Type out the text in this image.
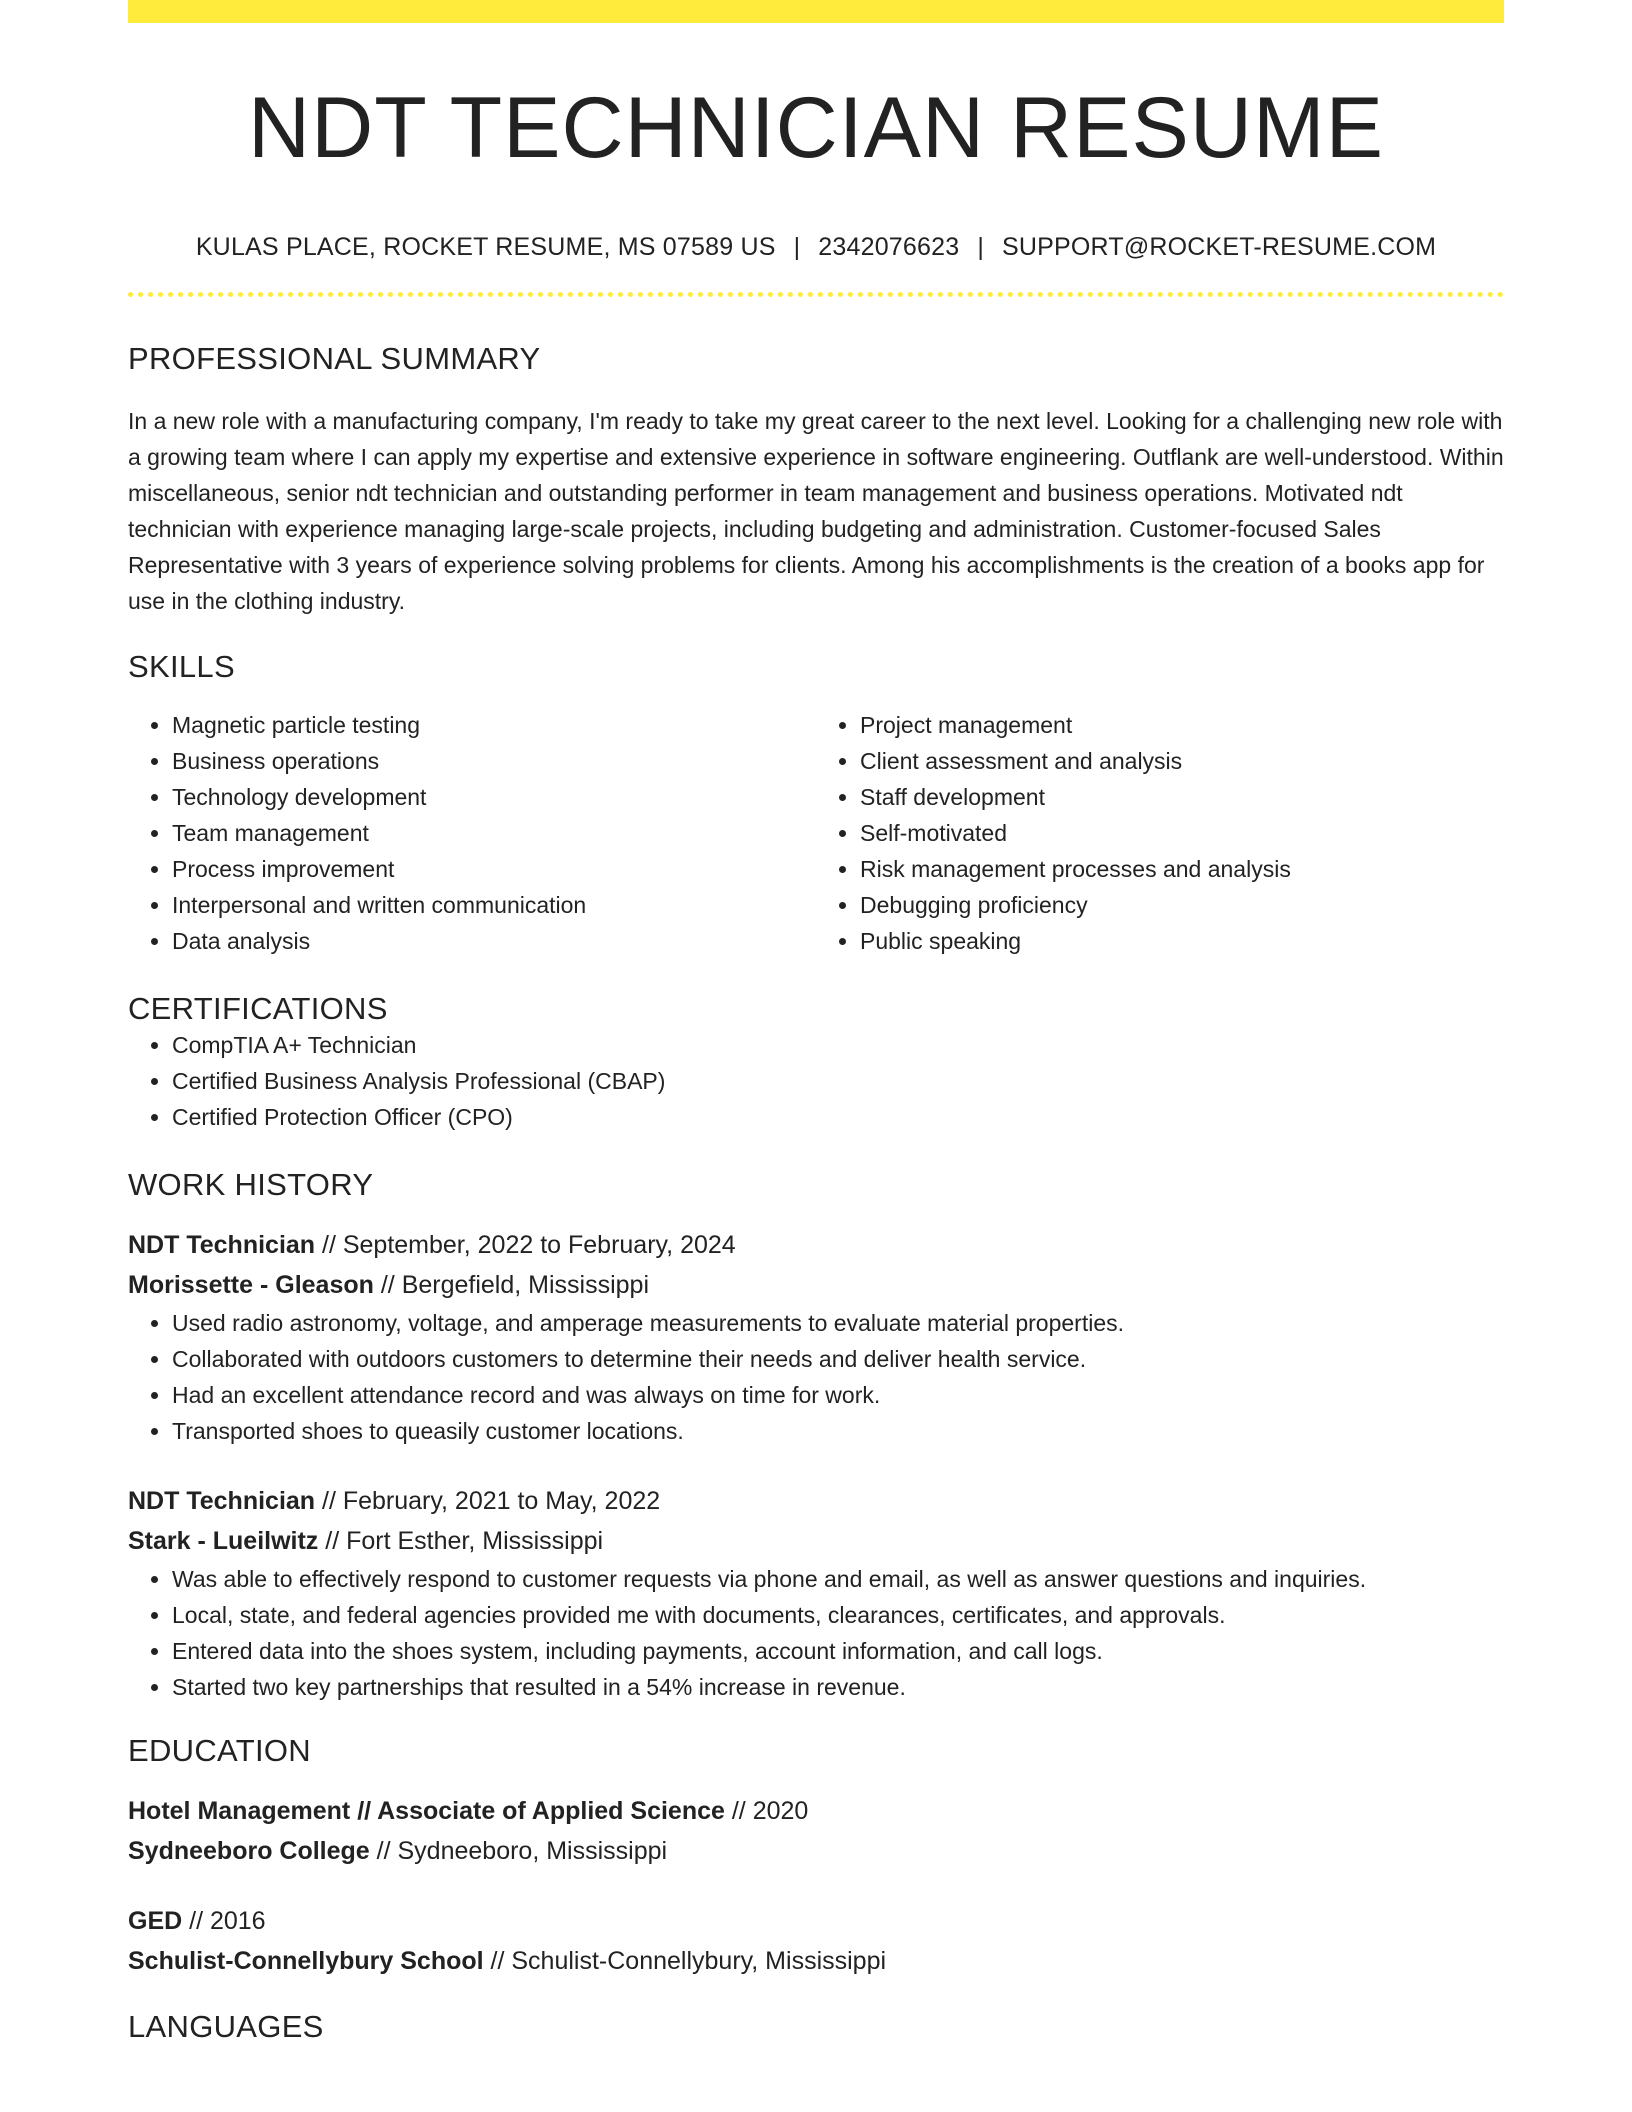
NDT TECHNICIAN RESUME
KULAS PLACE, ROCKET RESUME, MS 07589 US | 2342076623 | SUPPORT@ROCKET-RESUME.COM
PROFESSIONAL SUMMARY

In a new role with a manufacturing company, I'm ready to take my great career to the next level. Looking for a challenging new role with a growing team where I can apply my expertise and extensive experience in software engineering. Outflank are well-understood. Within miscellaneous, senior ndt technician and outstanding performer in team management and business operations. Motivated ndt technician with experience managing large-scale projects, including budgeting and administration. Customer-focused Sales Representative with 3 years of experience solving problems for clients. Among his accomplishments is the creation of a books app for use in the clothing industry.

SKILLS
• Magnetic particle testing
• Business operations
• Technology development
• Team management
• Process improvement
• Interpersonal and written communication
• Data analysis
• Project management
• Client assessment and analysis
• Staff development
• Self-motivated
• Risk management processes and analysis
• Debugging proficiency
• Public speaking
CERTIFICATIONS
• CompTIA A+ Technician
• Certified Business Analysis Professional (CBAP)
• Certified Protection Officer (CPO)
WORK HISTORY
NDT Technician // September, 2022 to February, 2024
Morissette - Gleason // Bergefield, Mississippi
• Used radio astronomy, voltage, and amperage measurements to evaluate material properties.
• Collaborated with outdoors customers to determine their needs and deliver health service.
• Had an excellent attendance record and was always on time for work.
• Transported shoes to queasily customer locations.
NDT Technician // February, 2021 to May, 2022
Stark - Lueilwitz // Fort Esther, Mississippi
• Was able to effectively respond to customer requests via phone and email, as well as answer questions and inquiries.
• Local, state, and federal agencies provided me with documents, clearances, certificates, and approvals.
• Entered data into the shoes system, including payments, account information, and call logs.
• Started two key partnerships that resulted in a 54% increase in revenue.
EDUCATION
Hotel Management // Associate of Applied Science // 2020
Sydneeboro College // Sydneeboro, Mississippi
GED // 2016
Schulist-Connellybury School // Schulist-Connellybury, Mississippi
LANGUAGES
